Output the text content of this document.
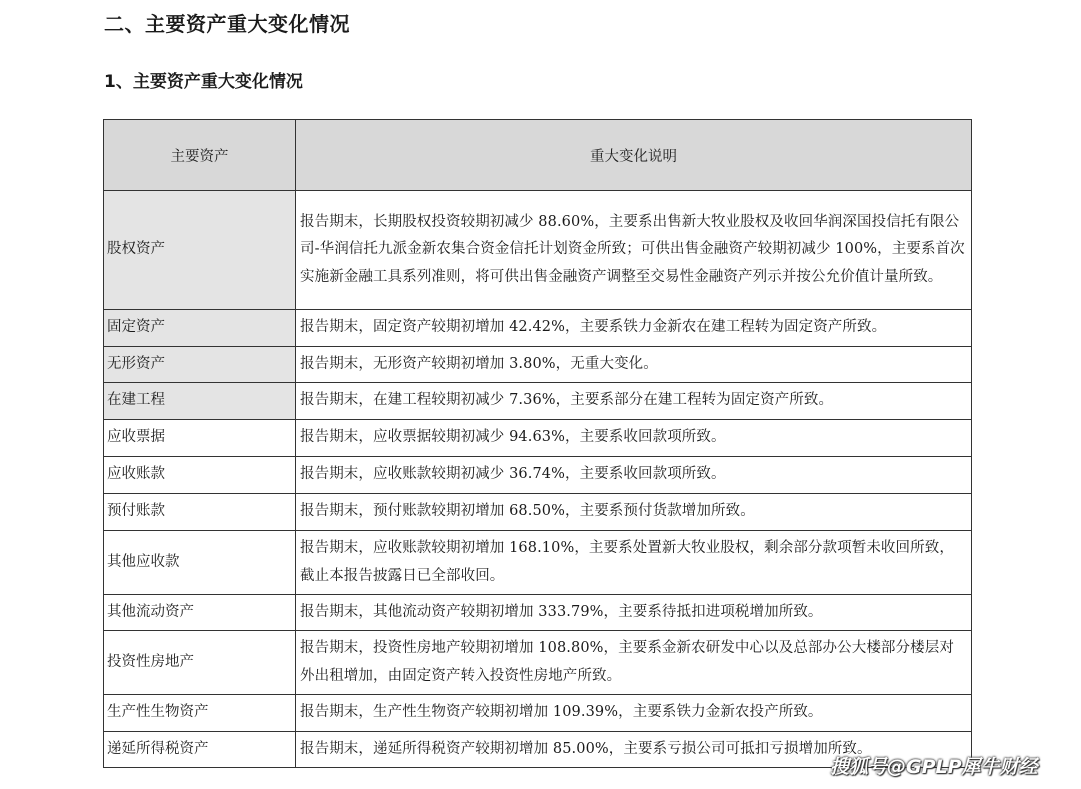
二、主要资产重大变化情况
1、主要资产重大变化情况
主要资产	重大变化说明
股权资产	报告期末，长期股权投资较期初减少 88.60%，主要系出售新大牧业股权及收回华润深国投信托有限公司-华润信托九派金新农集合资金信托计划资金所致；可供出售金融资产较期初减少 100%，主要系首次实施新金融工具系列准则，将可供出售金融资产调整至交易性金融资产列示并按公允价值计量所致。
固定资产	报告期末，固定资产较期初增加 42.42%，主要系铁力金新农在建工程转为固定资产所致。
无形资产	报告期末，无形资产较期初增加 3.80%，无重大变化。
在建工程	报告期末，在建工程较期初减少 7.36%，主要系部分在建工程转为固定资产所致。
应收票据	报告期末，应收票据较期初减少 94.63%，主要系收回款项所致。
应收账款	报告期末，应收账款较期初减少 36.74%，主要系收回款项所致。
预付账款	报告期末，预付账款较期初增加 68.50%，主要系预付货款增加所致。
其他应收款	报告期末，应收账款较期初增加 168.10%，主要系处置新大牧业股权，剩余部分款项暂未收回所致，截止本报告披露日已全部收回。
其他流动资产	报告期末，其他流动资产较期初增加 333.79%，主要系待抵扣进项税增加所致。
投资性房地产	报告期末，投资性房地产较期初增加 108.80%，主要系金新农研发中心以及总部办公大楼部分楼层对外出租增加，由固定资产转入投资性房地产所致。
生产性生物资产	报告期末，生产性生物资产较期初增加 109.39%，主要系铁力金新农投产所致。
递延所得税资产	报告期末，递延所得税资产较期初增加 85.00%，主要系亏损公司可抵扣亏损增加所致。
搜狐号@GPLP犀牛财经
